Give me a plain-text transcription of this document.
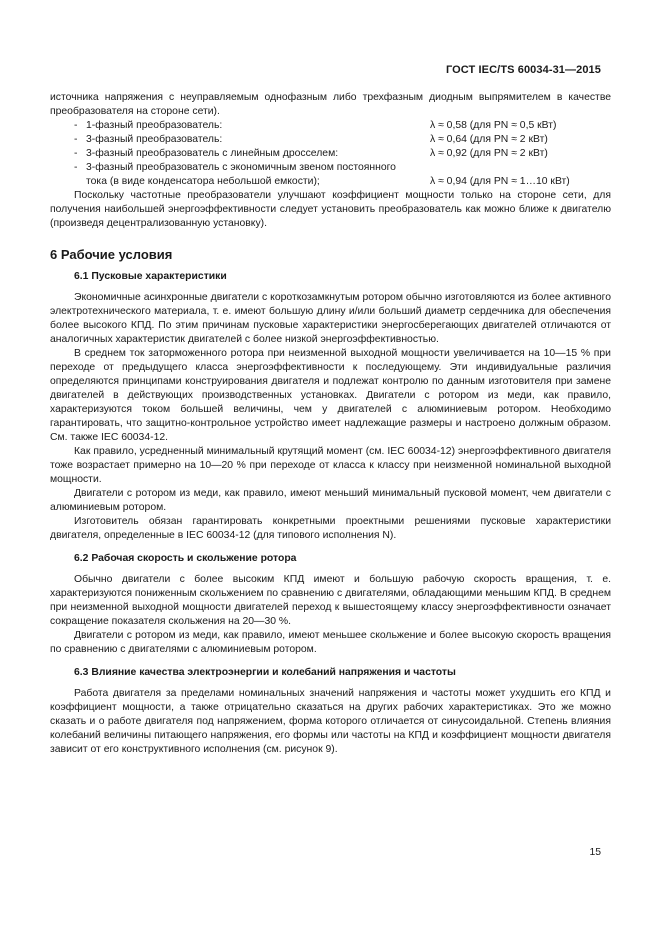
ГОСТ IEC/TS 60034-31—2015

источника напряжения с неуправляемым однофазным либо трехфазным диодным выпрямителем в качестве преобразователя на стороне сети).

- 1-фазный преобразователь:	λ ≈ 0,58 (для PN ≈ 0,5 кВт)
- 3-фазный преобразователь:	λ ≈ 0,64 (для PN ≈ 2 кВт)
- 3-фазный преобразователь с линейным дросселем:	λ ≈ 0,92 (для PN ≈ 2 кВт)
- 3-фазный преобразователь с экономичным звеном постоянного тока (в виде конденсатора небольшой емкости);	λ ≈ 0,94 (для PN ≈ 1…10 кВт)

Поскольку частотные преобразователи улучшают коэффициент мощности только на стороне сети, для получения наибольшей энергоэффективности следует установить преобразователь как можно ближе к двигателю (произведя децентрализованную установку).

6 Рабочие условия
6.1 Пусковые характеристики

Экономичные асинхронные двигатели с короткозамкнутым ротором обычно изготовляются из более активного электротехнического материала, т. е. имеют большую длину и/или больший диаметр сердечника для обеспечения более высокого КПД. По этим причинам пусковые характеристики энергосберегающих двигателей отличаются от аналогичных характеристик двигателей с более низкой энергоэффективностью.

В среднем ток заторможенного ротора при неизменной выходной мощности увеличивается на 10—15 % при переходе от предыдущего класса энергоэффективности к последующему. Эти индивидуальные различия определяются принципами конструирования двигателя и подлежат контролю по данным изготовителя при замене двигателей в действующих производственных установках. Двигатели с ротором из меди, как правило, характеризуются током большей величины, чем у двигателей с алюминиевым ротором. Необходимо гарантировать, что защитно-контрольное устройство имеет надлежащие размеры и настроено должным образом. См. также IEC 60034-12.

Как правило, усредненный минимальный крутящий момент (см. IEC 60034-12) энергоэффективного двигателя тоже возрастает примерно на 10—20 % при переходе от класса к классу при неизменной номинальной выходной мощности.

Двигатели с ротором из меди, как правило, имеют меньший минимальный пусковой момент, чем двигатели с алюминиевым ротором.

Изготовитель обязан гарантировать конкретными проектными решениями пусковые характеристики двигателя, определенные в IEC 60034-12 (для типового исполнения N).

6.2 Рабочая скорость и скольжение ротора

Обычно двигатели с более высоким КПД имеют и большую рабочую скорость вращения, т. е. характеризуются пониженным скольжением по сравнению с двигателями, обладающими меньшим КПД. В среднем при неизменной выходной мощности двигателей переход к вышестоящему классу энергоэффективности означает сокращение показателя скольжения на 20—30 %.

Двигатели с ротором из меди, как правило, имеют меньшее скольжение и более высокую скорость вращения по сравнению с двигателями с алюминиевым ротором.

6.3 Влияние качества электроэнергии и колебаний напряжения и частоты

Работа двигателя за пределами номинальных значений напряжения и частоты может ухудшить его КПД и коэффициент мощности, а также отрицательно сказаться на других рабочих характеристиках. Это же можно сказать и о работе двигателя под напряжением, форма которого отличается от синусоидальной. Степень влияния колебаний величины питающего напряжения, его формы или частоты на КПД и коэффициент мощности двигателя зависит от его конструктивного исполнения (см. рисунок 9).

15
